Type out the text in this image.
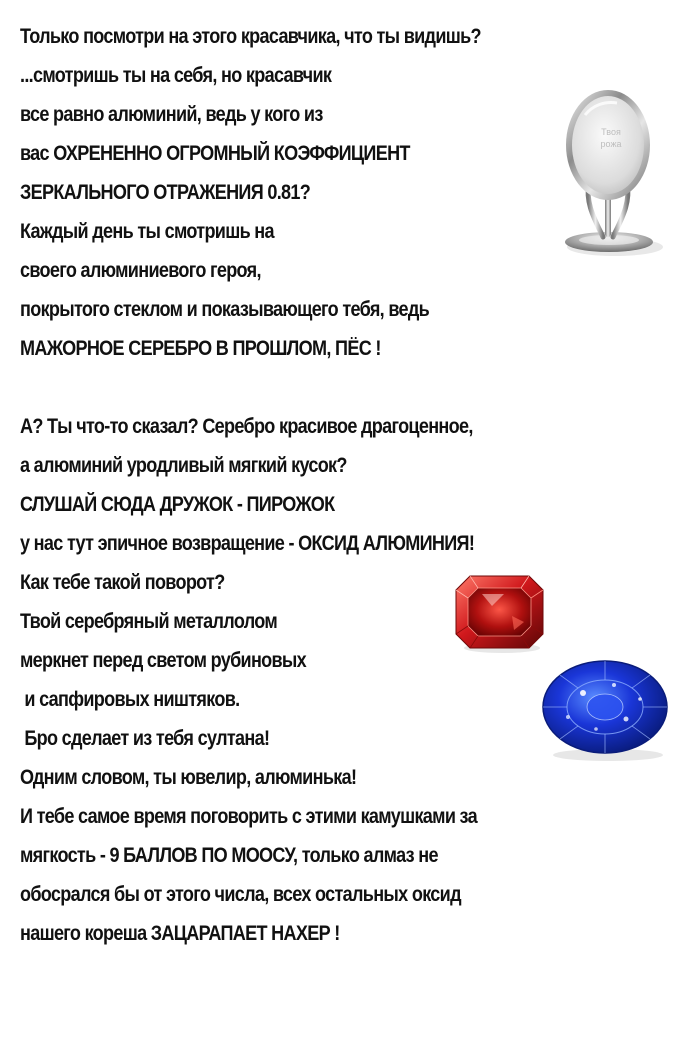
Только посмотри на этого красавчика, что ты видишь?
...смотришь ты на себя, но красавчик
все равно алюминий, ведь у кого из
вас ОХРЕНЕННО ОГРОМНЫЙ КОЭФФИЦИЕНТ
ЗЕРКАЛЬНОГО ОТРАЖЕНИЯ 0.81?
Каждый день ты смотришь на
своего алюминиевого героя,
покрытого стеклом и показывающего тебя, ведь
МАЖОРНОЕ СЕРЕБРО В ПРОШЛОМ, ПЁС !
А? Ты что-то сказал? Серебро красивое драгоценное,
а алюминий уродливый мягкий кусок?
СЛУШАЙ СЮДА ДРУЖОК - ПИРОЖОК
у нас тут эпичное возвращение - ОКСИД АЛЮМИНИЯ!
Как тебе такой поворот?
Твой серебряный металлолом
меркнет перед светом рубиновых
и сапфировых ништяков.
Бро сделает из тебя султана!
Одним словом, ты ювелир, алюминька!
И тебе самое время поговорить с этими камушками за
мягкость - 9 БАЛЛОВ ПО МООСУ, только алмаз не
обосрался бы от этого числа, всех остальных оксид
нашего кореша ЗАЦАРАПАЕТ НАХЕР !
Твоя
рожа
